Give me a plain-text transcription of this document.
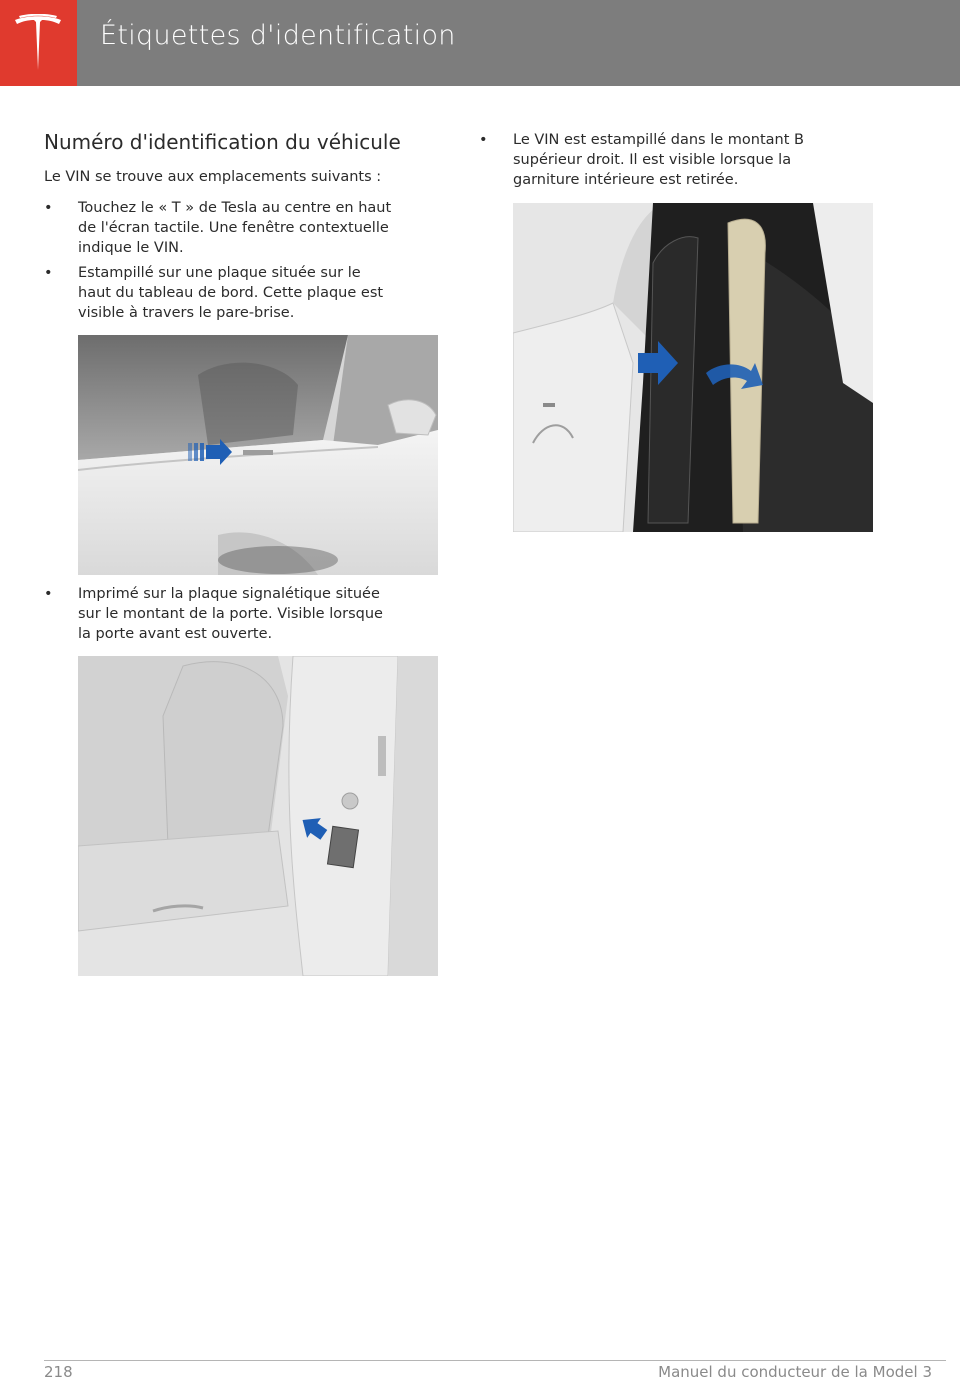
Étiquettes d'identification
Numéro d'identification du véhicule
Le VIN se trouve aux emplacements suivants :
•	Touchez le « T » de Tesla au centre en haut
de l'écran tactile. Une fenêtre contextuelle
indique le VIN.
•	Estampillé sur une plaque située sur le
haut du tableau de bord. Cette plaque est
visible à travers le pare-brise.
•	Imprimé sur la plaque signalétique située
sur le montant de la porte. Visible lorsque
la porte avant est ouverte.
•	Le VIN est estampillé dans le montant B
supérieur droit. Il est visible lorsque la
garniture intérieure est retirée.
218	Manuel du conducteur de la Model 3
